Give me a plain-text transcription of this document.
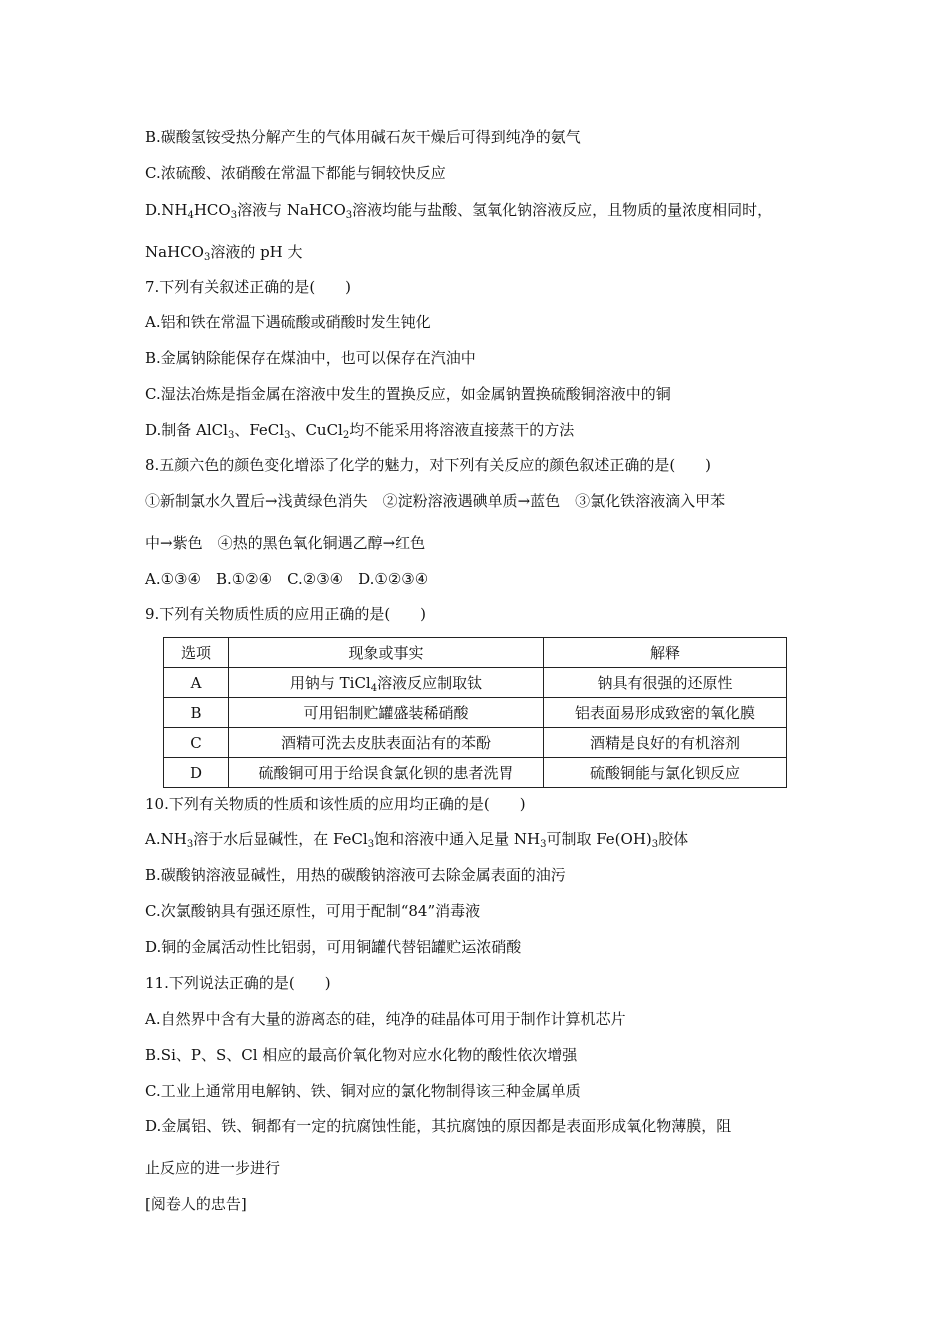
B.碳酸氢铵受热分解产生的气体用碱石灰干燥后可得到纯净的氨气
C.浓硫酸、浓硝酸在常温下都能与铜较快反应
$D.NH_4HCO_3$溶液与 NaHCO$_3$溶液均能与盐酸、氢氧化钠溶液反应，且物质的量浓度相同时，
NaHCO$_3$溶液的 pH 大
7.下列有关叙述正确的是(　　)
A.铝和铁在常温下遇硫酸或硝酸时发生钝化
B.金属钠除能保存在煤油中，也可以保存在汽油中
C.湿法冶炼是指金属在溶液中发生的置换反应，如金属钠置换硫酸铜溶液中的铜
D.制备 AlCl$_3$、FeCl$_3$、CuCl$_2$均不能采用将溶液直接蒸干的方法
8.五颜六色的颜色变化增添了化学的魅力，对下列有关反应的颜色叙述正确的是(　　)
①新制氯水久置后→浅黄绿色消失　②淀粉溶液遇碘单质→蓝色　③氯化铁溶液滴入甲苯
中→紫色　④热的黑色氧化铜遇乙醇→红色
A.①③④　B.①②④　C.②③④　D.①②③④
9.下列有关物质性质的应用正确的是(　　)
选项	现象或事实	解释
A	用钠与 TiCl$_4$溶液反应制取钛	钠具有很强的还原性
B	可用铝制贮罐盛装稀硝酸	铝表面易形成致密的氧化膜
C	酒精可洗去皮肤表面沾有的苯酚	酒精是良好的有机溶剂
D	硫酸铜可用于给误食氯化钡的患者洗胃	硫酸铜能与氯化钡反应
10.下列有关物质的性质和该性质的应用均正确的是(　　)
$A.NH_3$溶于水后显碱性，在 FeCl$_3$饱和溶液中通入足量 $NH_3$可制取 $Fe(OH)_3$胶体
B.碳酸钠溶液显碱性，用热的碳酸钠溶液可去除金属表面的油污
C.次氯酸钠具有强还原性，可用于配制“84”消毒液
D.铜的金属活动性比铝弱，可用铜罐代替铝罐贮运浓硝酸
11.下列说法正确的是(　　)
A.自然界中含有大量的游离态的硅，纯净的硅晶体可用于制作计算机芯片
B.Si、P、S、Cl 相应的最高价氧化物对应水化物的酸性依次增强
C.工业上通常用电解钠、铁、铜对应的氯化物制得该三种金属单质
D.金属铝、铁、铜都有一定的抗腐蚀性能，其抗腐蚀的原因都是表面形成氧化物薄膜，阻
止反应的进一步进行
[阅卷人的忠告]
